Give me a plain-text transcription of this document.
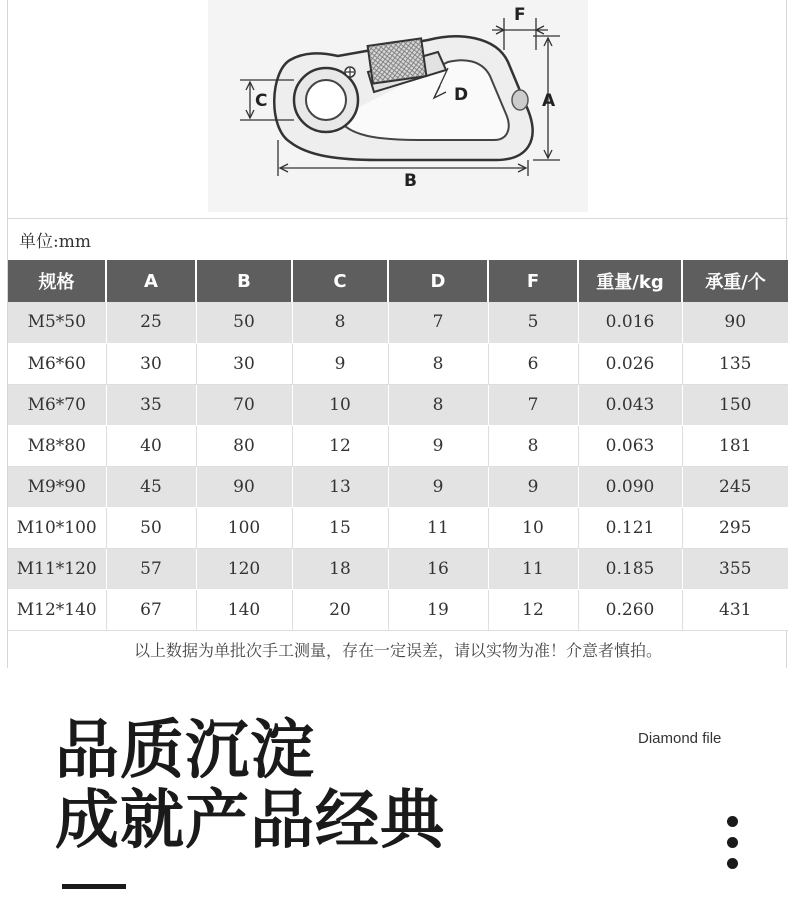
A
B
C	D
F
单位:mm
规格	A	B	C	D	F	重量/kg	承重/个
M5*50	25	50	8	7	5	0.016	90
M6*60	30	30	9	8	6	0.026	135
M6*70	35	70	10	8	7	0.043	150
M8*80	40	80	12	9	8	0.063	181
M9*90	45	90	13	9	9	0.090	245
M10*100	50	100	15	11	10	0.121	295
M11*120	57	120	18	16	11	0.185	355
M12*140	67	140	20	19	12	0.260	431
以上数据为单批次手工测量，存在一定误差，请以实物为准！介意者慎拍。
品质沉淀
成就产品经典
Diamond file
